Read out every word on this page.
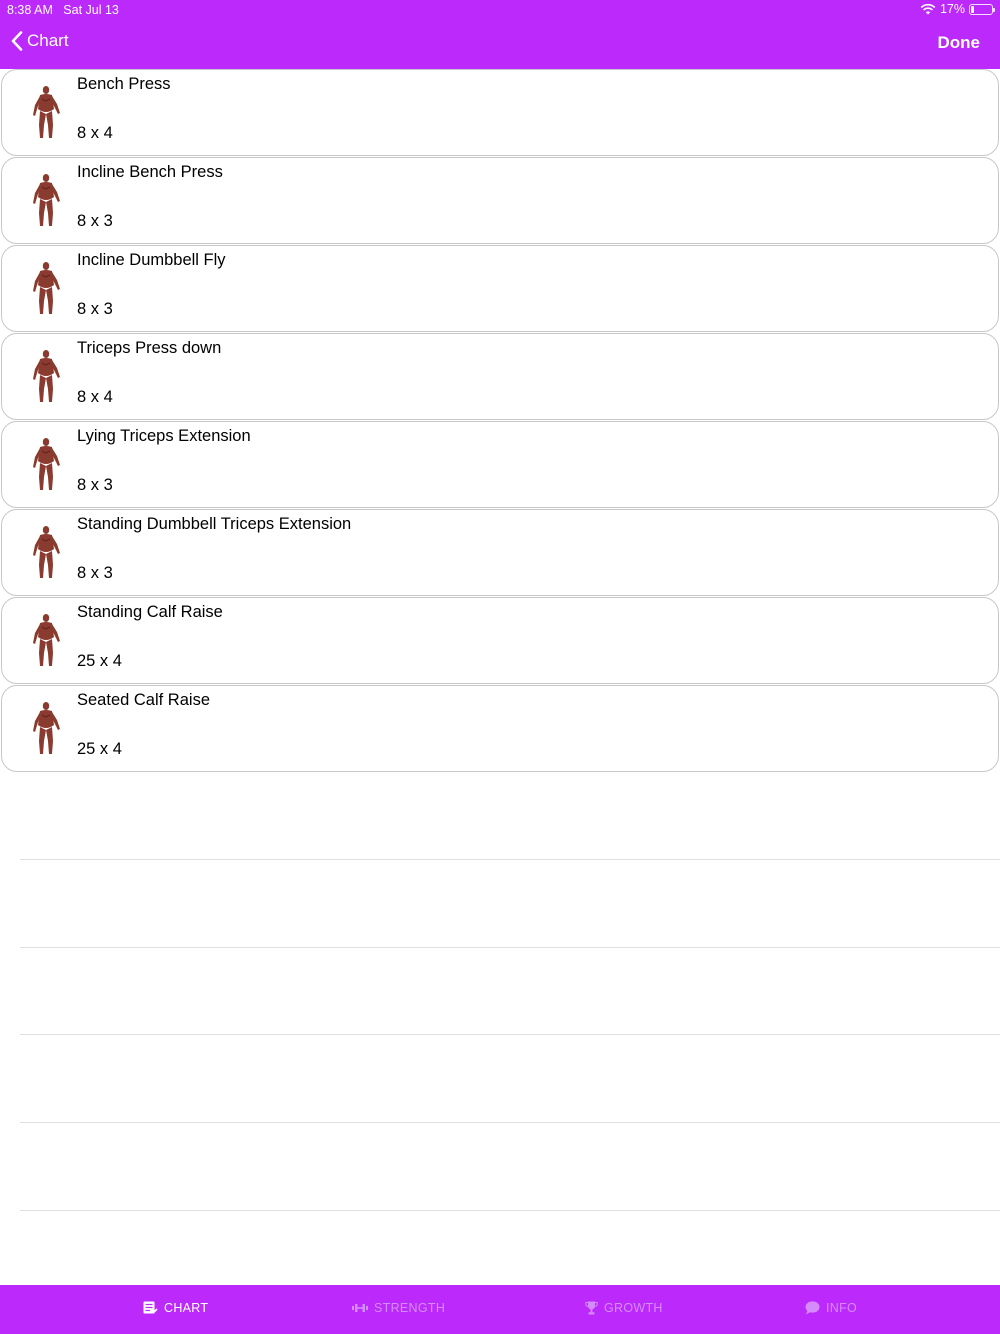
8:38 AM Sat Jul 13	17%
Chart	Done
Bench Press
8 x 4
Incline Bench Press
8 x 3
Incline Dumbbell Fly
8 x 3
Triceps Press down
8 x 4
Lying Triceps Extension
8 x 3
Standing Dumbbell Triceps Extension
8 x 3
Standing Calf Raise
25 x 4
Seated Calf Raise
25 x 4
CHART	STRENGTH	GROWTH	INFO
